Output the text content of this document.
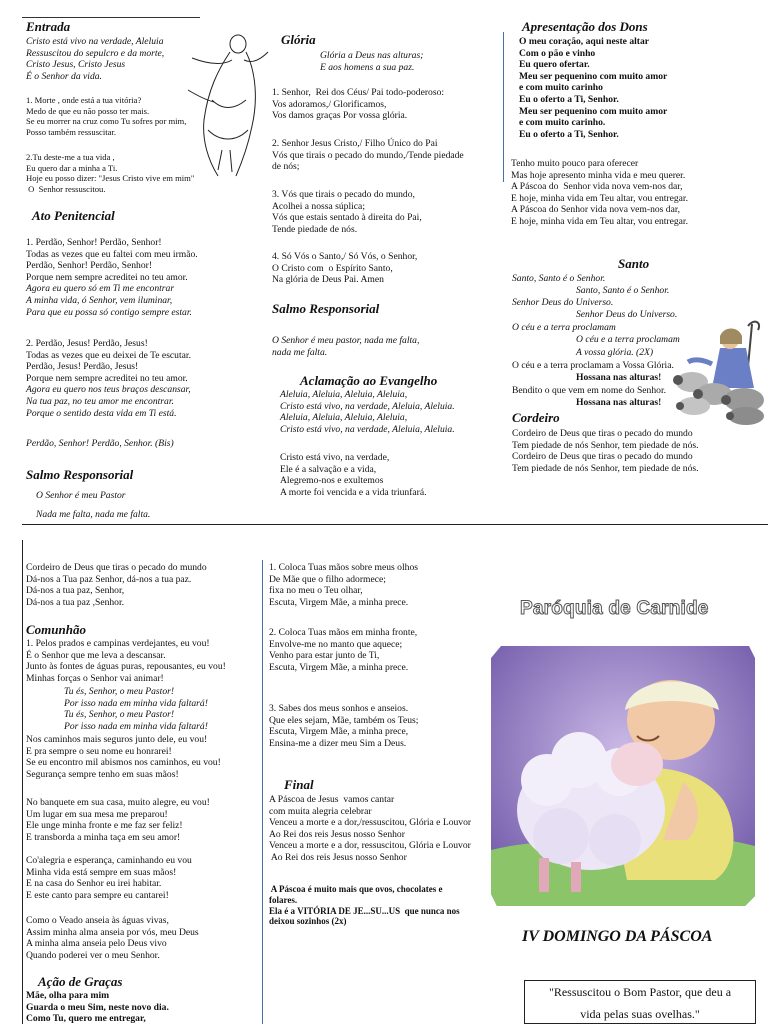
Entrada
Cristo está vivo na verdade, Aleluia
Ressuscitou do sepulcro e da morte,
Cristo Jesus, Cristo Jesus
É o Senhor da vida.
1. Morte , onde está a tua vitória?
Medo de que eu não posso ter mais.
Se eu morrer na cruz como Tu sofres por mim,
Posso também ressuscitar.
2.Tu deste-me a tua vida ,
Eu quero dar a minha a Ti.
Hoje eu posso dizer: "Jesus Cristo vive em mim"
O  Senhor ressuscitou.
Ato Penitencial
1. Perdão, Senhor! Perdão, Senhor!
Todas as vezes que eu faltei com meu irmão.
Perdão, Senhor! Perdão, Senhor!
Porque nem sempre acreditei no teu amor.
Agora eu quero só em Ti me encontrar
A minha vida, ó Senhor, vem iluminar,
Para que eu possa só contigo sempre estar.
2. Perdão, Jesus! Perdão, Jesus!
Todas as vezes que eu deixei de Te escutar.
Perdão, Jesus! Perdão, Jesus!
Porque nem sempre acreditei no teu amor.
Agora eu quero nos teus braços descansar,
Na tua paz, no teu amor me encontrar.
Porque o sentido desta vida em Ti está.
Perdão, Senhor! Perdão, Senhor. (Bis)
Salmo Responsorial
O Senhor é meu Pastor
Nada me falta, nada me falta.
Glória
Glória a Deus nas alturas;
E aos homens a sua paz.
1. Senhor,  Rei dos Céus/ Pai todo-poderoso:
Vos adoramos,/ Glorificamos,
Vos damos graças Por vossa glória.
2. Senhor Jesus Cristo,/ Filho Único do Pai
Vós que tirais o pecado do mundo,/Tende piedade
de nós;
3. Vós que tirais o pecado do mundo,
Acolhei a nossa súplica;
Vós que estais sentado à direita do Pai,
Tende piedade de nós.
4. Só Vós o Santo,/ Só Vós, o Senhor,
O Cristo com  o Espírito Santo,
Na glória de Deus Pai. Amen
Salmo Responsorial
O Senhor é meu pastor, nada me falta,
nada me falta.
Aclamação ao Evangelho
Aleluia, Aleluia, Aleluia, Aleluia,
Cristo está vivo, na verdade, Aleluia, Aleluia.
Aleluia, Aleluia, Aleluia, Aleluia,
Cristo está vivo, na verdade, Aleluia, Aleluia.
Cristo está vivo, na verdade,
Ele é a salvação e a vida,
Alegremo-nos e exultemos
A morte foi vencida e a vida triunfará.
Apresentação dos Dons
O meu coração, aqui neste altar
Com o pão e vinho
Eu quero ofertar.
Meu ser pequenino com muito amor
e com muito carinho
Eu o oferto a Ti, Senhor.
Meu ser pequenino com muito amor
e com muito carinho.
Eu o oferto a Ti, Senhor.
Tenho muito pouco para oferecer
Mas hoje apresento minha vida e meu querer.
A Páscoa do  Senhor vida nova vem-nos dar,
E hoje, minha vida em Teu altar, vou entregar.
A Páscoa do Senhor vida nova vem-nos dar,
E hoje, minha vida em Teu altar, vou entregar.
Santo
Santo, Santo é o Senhor.
Santo, Santo é o Senhor.
Senhor Deus do Universo.
Senhor Deus do Universo.
O céu e a terra proclamam
O céu e a terra proclamam
A vossa glória. (2X)
O céu e a terra proclamam a Vossa Glória.
Hossana nas alturas!
Bendito o que vem em nome do Senhor.
Hossana nas alturas!
Cordeiro
Cordeiro de Deus que tiras o pecado do mundo
Tem piedade de nós Senhor, tem piedade de nós.
Cordeiro de Deus que tiras o pecado do mundo
Tem piedade de nós Senhor, tem piedade de nós.
Cordeiro de Deus que tiras o pecado do mundo
Dá-nos a Tua paz Senhor, dá-nos a tua paz.
Dá-nos a tua paz, Senhor,
Dá-nos a tua paz ,Senhor.
Comunhão
1. Pelos prados e campinas verdejantes, eu vou!
É o Senhor que me leva a descansar.
Junto às fontes de águas puras, repousantes, eu vou!
Minhas forças o Senhor vai animar!
Tu és, Senhor, o meu Pastor!
Por isso nada em minha vida faltará!
Tu és, Senhor, o meu Pastor!
Por isso nada em minha vida faltará!
Nos caminhos mais seguros junto dele, eu vou!
E pra sempre o seu nome eu honrarei!
Se eu encontro mil abismos nos caminhos, eu vou!
Segurança sempre tenho em suas mãos!
No banquete em sua casa, muito alegre, eu vou!
Um lugar em sua mesa me preparou!
Ele unge minha fronte e me faz ser feliz!
E transborda a minha taça em seu amor!
Co'alegria e esperança, caminhando eu vou
Minha vida está sempre em suas mãos!
E na casa do Senhor eu irei habitar.
E este canto para sempre eu cantarei!
Como o Veado anseia às águas vivas,
Assim minha alma anseia por vós, meu Deus
A minha alma anseia pelo Deus vivo
Quando poderei ver o meu Senhor.
Ação de Graças
Mãe, olha para mim
Guarda o meu Sim, neste novo dia.
Como Tu, quero me entregar,
1. Coloca Tuas mãos sobre meus olhos
De Mãe que o filho adormece;
fixa no meu o Teu olhar,
Escuta, Virgem Mãe, a minha prece.
2. Coloca Tuas mãos em minha fronte,
Envolve-me no manto que aquece;
Venho para estar junto de Ti,
Escuta, Virgem Mãe, a minha prece.
3. Sabes dos meus sonhos e anseios.
Que eles sejam, Mãe, também os Teus;
Escuta, Virgem Mãe, a minha prece,
Ensina-me a dizer meu Sim a Deus.
Final
A Páscoa de Jesus  vamos cantar
com muita alegria celebrar
Venceu a morte e a dor,/ressuscitou, Glória e Louvor
Ao Rei dos reis Jesus nosso Senhor
Venceu a morte e a dor, ressuscitou, Glória e Louvor
Ao Rei dos reis Jesus nosso Senhor
A Páscoa é muito mais que ovos, chocolates e
folares.
Ela é a VITÓRIA DE JE...SU...US  que nunca nos
deixou sozinhos (2x)
Paróquia de Carnide
IV DOMINGO DA PÁSCOA
"Ressuscitou o Bom Pastor, que deu a
vida pelas suas ovelhas."
